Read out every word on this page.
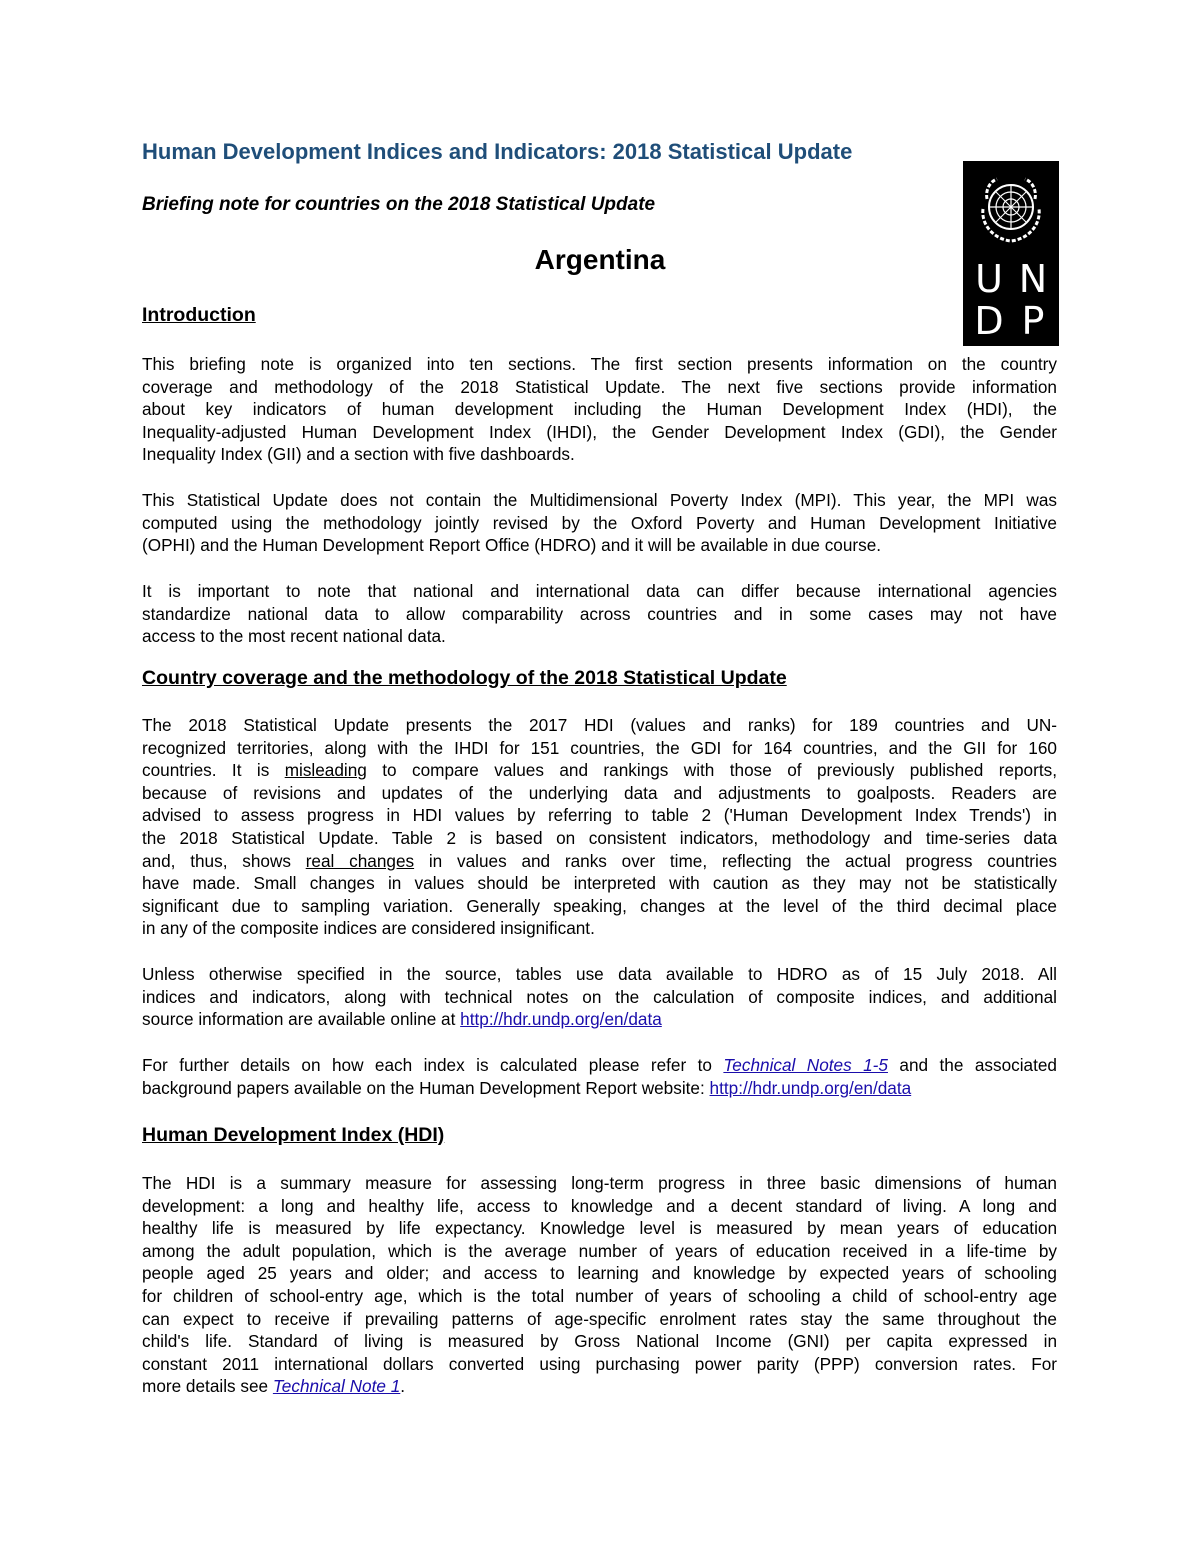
Human Development Indices and Indicators: 2018 Statistical Update
Briefing note for countries on the 2018 Statistical Update
Argentina	U N
D P
Introduction
This briefing note is organized into ten sections. The first section presents information on the country
coverage and methodology of the 2018 Statistical Update. The next five sections provide information
about key indicators of human development including the Human Development Index (HDI), the
Inequality-adjusted Human Development Index (IHDI), the Gender Development Index (GDI), the Gender
Inequality Index (GII) and a section with five dashboards.
This Statistical Update does not contain the Multidimensional Poverty Index (MPI). This year, the MPI was
computed using the methodology jointly revised by the Oxford Poverty and Human Development Initiative
(OPHI) and the Human Development Report Office (HDRO) and it will be available in due course.
It is important to note that national and international data can differ because international agencies
standardize national data to allow comparability across countries and in some cases may not have
access to the most recent national data.
Country coverage and the methodology of the 2018 Statistical Update
The 2018 Statistical Update presents the 2017 HDI (values and ranks) for 189 countries and UN-
recognized territories, along with the IHDI for 151 countries, the GDI for 164 countries, and the GII for 160
countries. It is misleading to compare values and rankings with those of previously published reports,
because of revisions and updates of the underlying data and adjustments to goalposts. Readers are
advised to assess progress in HDI values by referring to table 2 ('Human Development Index Trends') in
the 2018 Statistical Update. Table 2 is based on consistent indicators, methodology and time-series data
and, thus, shows real changes in values and ranks over time, reflecting the actual progress countries
have made. Small changes in values should be interpreted with caution as they may not be statistically
significant due to sampling variation. Generally speaking, changes at the level of the third decimal place
in any of the composite indices are considered insignificant.
Unless otherwise specified in the source, tables use data available to HDRO as of 15 July 2018. All
indices and indicators, along with technical notes on the calculation of composite indices, and additional
source information are available online at http://hdr.undp.org/en/data
For further details on how each index is calculated please refer to Technical Notes 1-5 and the associated
background papers available on the Human Development Report website: http://hdr.undp.org/en/data
Human Development Index (HDI)
The HDI is a summary measure for assessing long-term progress in three basic dimensions of human
development: a long and healthy life, access to knowledge and a decent standard of living. A long and
healthy life is measured by life expectancy. Knowledge level is measured by mean years of education
among the adult population, which is the average number of years of education received in a life-time by
people aged 25 years and older; and access to learning and knowledge by expected years of schooling
for children of school-entry age, which is the total number of years of schooling a child of school-entry age
can expect to receive if prevailing patterns of age-specific enrolment rates stay the same throughout the
child's life. Standard of living is measured by Gross National Income (GNI) per capita expressed in
constant 2011 international dollars converted using purchasing power parity (PPP) conversion rates. For
more details see Technical Note 1.
